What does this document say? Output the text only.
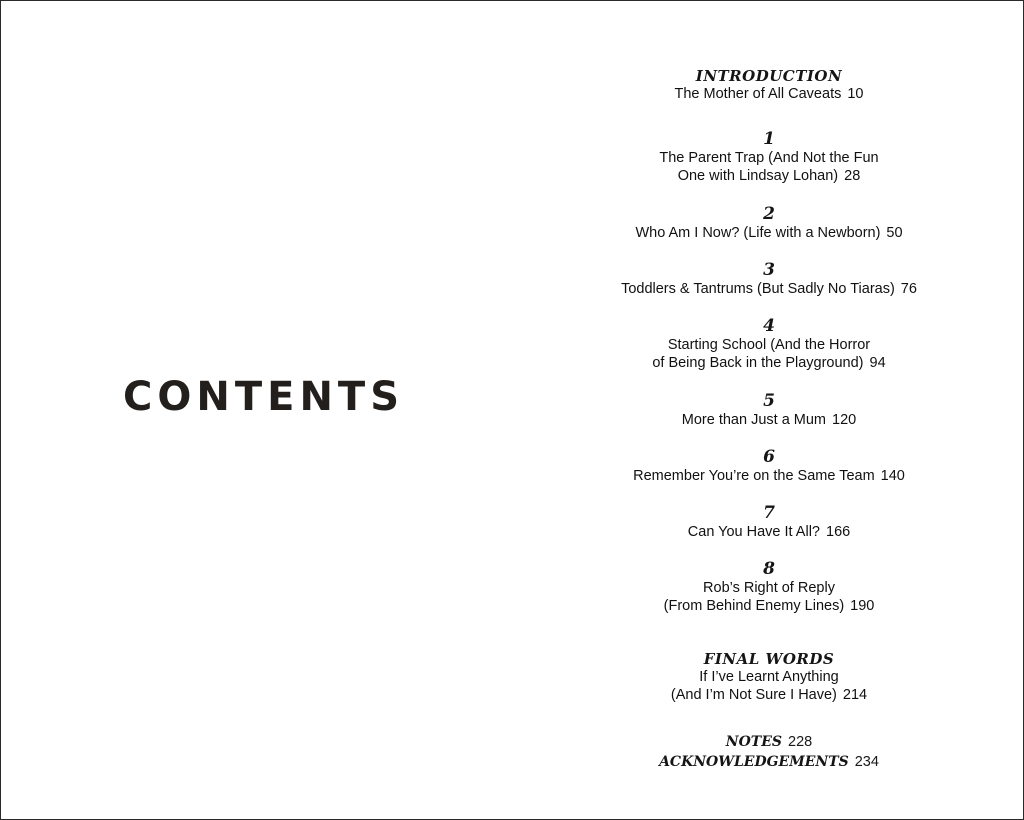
CONTENTS
INTRODUCTION
The Mother of All Caveats 10
1
The Parent Trap (And Not the Fun
One with Lindsay Lohan) 28
2
Who Am I Now? (Life with a Newborn) 50
3
Toddlers & Tantrums (But Sadly No Tiaras) 76
4
Starting School (And the Horror
of Being Back in the Playground) 94
5
More than Just a Mum 120
6
Remember You’re on the Same Team 140
7
Can You Have It All? 166
8
Rob’s Right of Reply
(From Behind Enemy Lines) 190
FINAL WORDS
If I’ve Learnt Anything
(And I’m Not Sure I Have) 214
NOTES 228
ACKNOWLEDGEMENTS 234
